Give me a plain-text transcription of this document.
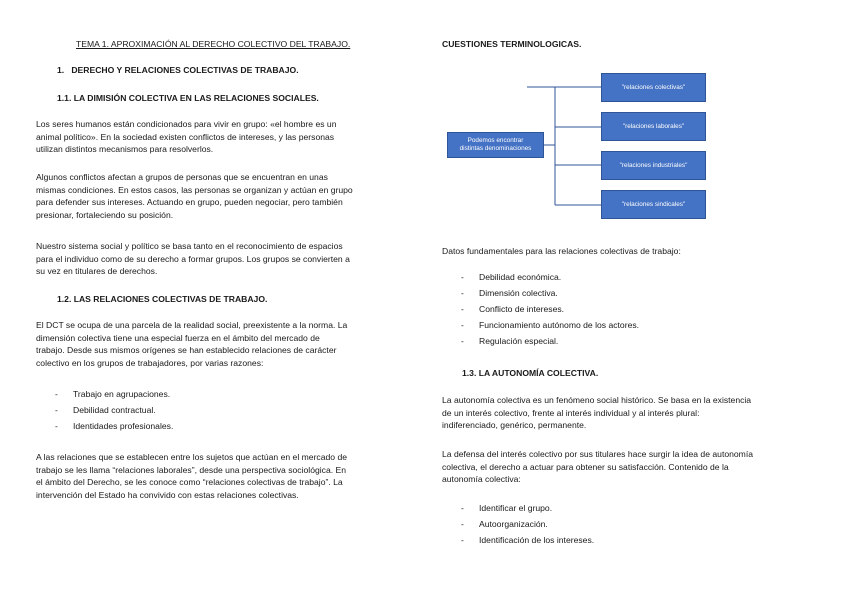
TEMA 1. APROXIMACIÓN AL DERECHO COLECTIVO DEL TRABAJO.

1.   DERECHO Y RELACIONES COLECTIVAS DE TRABAJO.

1.1. LA DIMISIÓN COLECTIVA EN LAS RELACIONES SOCIALES.

Los seres humanos están condicionados para vivir en grupo: «el hombre es un
animal político». En la sociedad existen conflictos de intereses, y las personas
utilizan distintos mecanismos para resolverlos.
Algunos conflictos afectan a grupos de personas que se encuentran en unas
mismas condiciones. En estos casos, las personas se organizan y actúan en grupo
para defender sus intereses. Actuando en grupo, pueden negociar, pero también
presionar, fortaleciendo su posición.
Nuestro sistema social y político se basa tanto en el reconocimiento de espacios
para el individuo como de su derecho a formar grupos. Los grupos se convierten a
su vez en titulares de derechos.

1.2. LAS RELACIONES COLECTIVAS DE TRABAJO.

El DCT se ocupa de una parcela de la realidad social, preexistente a la norma. La
dimensión colectiva tiene una especial fuerza en el ámbito del mercado de
trabajo. Desde sus mismos orígenes se han establecido relaciones de carácter
colectivo en los grupos de trabajadores, por varias razones:
- Trabajo en agrupaciones.
- Debilidad contractual.
- Identidades profesionales.
A las relaciones que se establecen entre los sujetos que actúan en el mercado de
trabajo se les llama “relaciones laborales”, desde una perspectiva sociológica. En
el ámbito del Derecho, se les conoce como “relaciones colectivas de trabajo”. La
intervención del Estado ha convivido con estas relaciones colectivas.

CUESTIONES TERMINOLOGICAS.

Podemos encontrar
distintas denominaciones
"relaciones colectivas"
"relaciones laborales"
"relaciones industriales"
"relaciones sindicales"

Datos fundamentales para las relaciones colectivas de trabajo:

- Debilidad económica.
- Dimensión colectiva.
- Conflicto de intereses.
- Funcionamiento autónomo de los actores.
- Regulación especial.

1.3. LA AUTONOMÍA COLECTIVA.

La autonomía colectiva es un fenómeno social histórico. Se basa en la existencia
de un interés colectivo, frente al interés individual y al interés plural:
indiferenciado, genérico, permanente.
La defensa del interés colectivo por sus titulares hace surgir la idea de autonomía
colectiva, el derecho a actuar para obtener su satisfacción. Contenido de la
autonomía colectiva:
- Identificar el grupo.
- Autoorganización.
- Identificación de los intereses.
